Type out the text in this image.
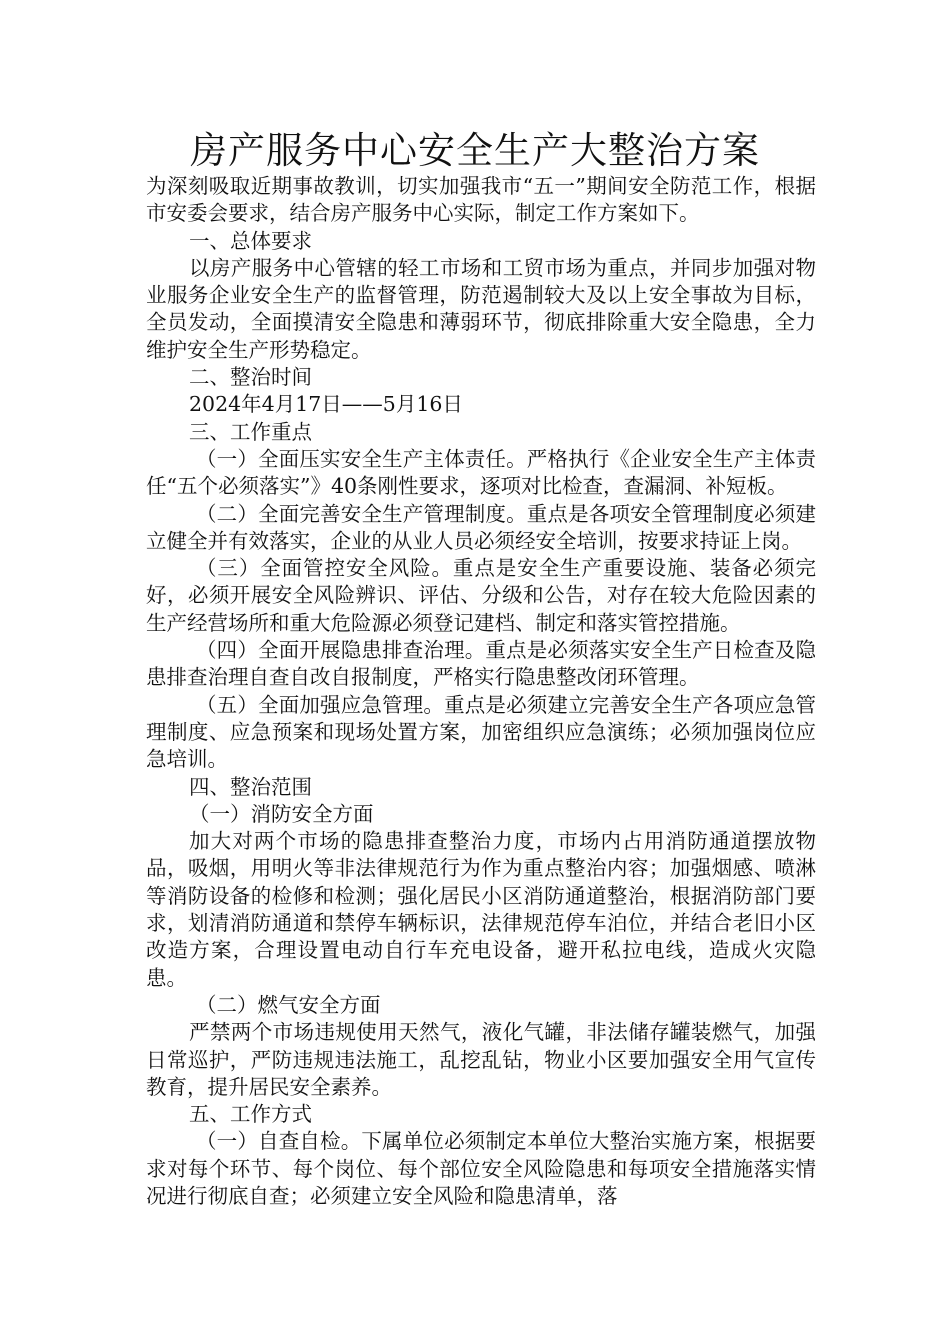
房产服务中心安全生产大整治方案

为深刻吸取近期事故教训，切实加强我市“五一”期间安全防范工作，根据市安委会要求，结合房产服务中心实际，制定工作方案如下。

一、总体要求

以房产服务中心管辖的轻工市场和工贸市场为重点，并同步加强对物业服务企业安全生产的监督管理，防范遏制较大及以上安全事故为目标，全员发动，全面摸清安全隐患和薄弱环节，彻底排除重大安全隐患，全力维护安全生产形势稳定。

二、整治时间

2024年4月17日——5月16日

三、工作重点

（一）全面压实安全生产主体责任。严格执行《企业安全生产主体责任“五个必须落实”》40条刚性要求，逐项对比检查，查漏洞、补短板。

（二）全面完善安全生产管理制度。重点是各项安全管理制度必须建立健全并有效落实，企业的从业人员必须经安全培训，按要求持证上岗。

（三）全面管控安全风险。重点是安全生产重要设施、装备必须完好，必须开展安全风险辨识、评估、分级和公告，对存在较大危险因素的生产经营场所和重大危险源必须登记建档、制定和落实管控措施。

（四）全面开展隐患排查治理。重点是必须落实安全生产日检查及隐患排查治理自查自改自报制度，严格实行隐患整改闭环管理。

（五）全面加强应急管理。重点是必须建立完善安全生产各项应急管理制度、应急预案和现场处置方案，加密组织应急演练；必须加强岗位应急培训。

四、整治范围

（一）消防安全方面

加大对两个市场的隐患排查整治力度，市场内占用消防通道摆放物品，吸烟，用明火等非法律规范行为作为重点整治内容；加强烟感、喷淋等消防设备的检修和检测；强化居民小区消防通道整治，根据消防部门要求，划清消防通道和禁停车辆标识，法律规范停车泊位，并结合老旧小区改造方案，合理设置电动自行车充电设备，避开私拉电线，造成火灾隐患。

（二）燃气安全方面

严禁两个市场违规使用天然气，液化气罐，非法储存罐装燃气，加强日常巡护，严防违规违法施工，乱挖乱钻，物业小区要加强安全用气宣传教育，提升居民安全素养。

五、工作方式

（一）自查自检。下属单位必须制定本单位大整治实施方案，根据要求对每个环节、每个岗位、每个部位安全风险隐患和每项安全措施落实情况进行彻底自查；必须建立安全风险和隐患清单，落
